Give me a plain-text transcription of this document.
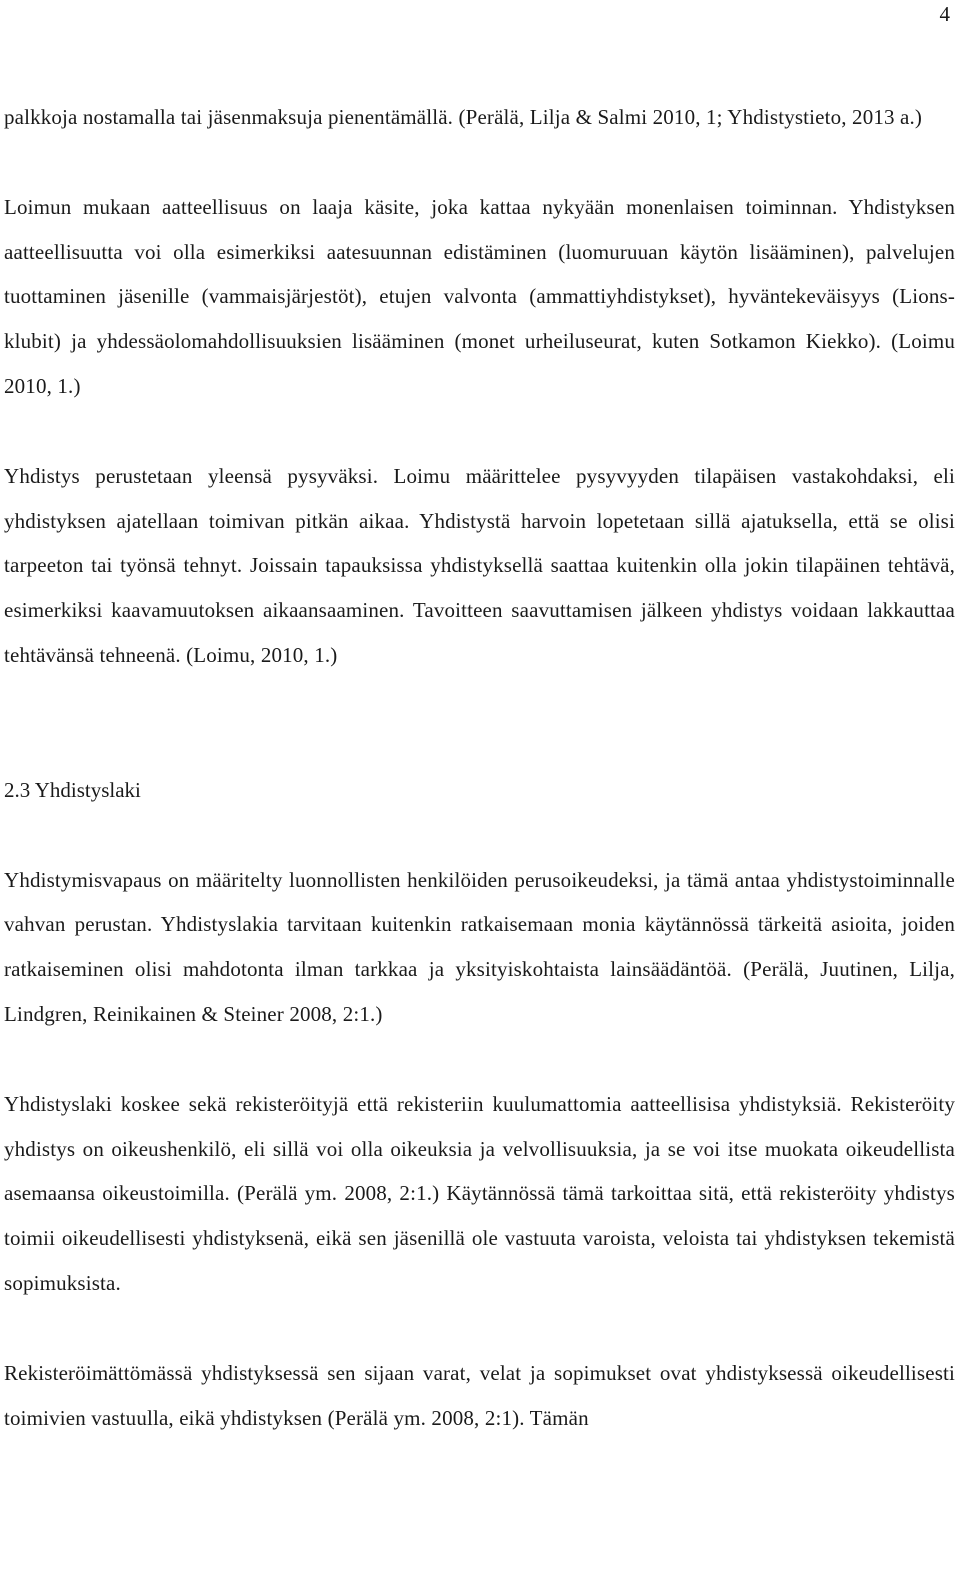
4

palkkoja nostamalla tai jäsenmaksuja pienentämällä. (Perälä, Lilja & Salmi 2010, 1; Yhdistystieto, 2013 a.)

Loimun mukaan aatteellisuus on laaja käsite, joka kattaa nykyään monenlaisen toiminnan. Yhdistyksen aatteellisuutta voi olla esimerkiksi aatesuunnan edistäminen (luomuruuan käytön lisääminen), palvelujen tuottaminen jäsenille (vammaisjärjestöt), etujen valvonta (ammattiyhdistykset), hyväntekeväisyys (Lions-klubit) ja yhdessäolomahdollisuuksien lisääminen (monet urheiluseurat, kuten Sotkamon Kiekko). (Loimu 2010, 1.)

Yhdistys perustetaan yleensä pysyväksi. Loimu määrittelee pysyvyyden tilapäisen vastakohdaksi, eli yhdistyksen ajatellaan toimivan pitkän aikaa. Yhdistystä harvoin lopetetaan sillä ajatuksella, että se olisi tarpeeton tai työnsä tehnyt. Joissain tapauksissa yhdistyksellä saattaa kuitenkin olla jokin tilapäinen tehtävä, esimerkiksi kaavamuutoksen aikaansaaminen. Tavoitteen saavuttamisen jälkeen yhdistys voidaan lakkauttaa tehtävänsä tehneenä. (Loimu, 2010, 1.)

2.3 Yhdistyslaki

Yhdistymisvapaus on määritelty luonnollisten henkilöiden perusoikeudeksi, ja tämä antaa yhdistystoiminnalle vahvan perustan. Yhdistyslakia tarvitaan kuitenkin ratkaisemaan monia käytännössä tärkeitä asioita, joiden ratkaiseminen olisi mahdotonta ilman tarkkaa ja yksityiskohtaista lainsäädäntöä. (Perälä, Juutinen, Lilja, Lindgren, Reinikainen & Steiner 2008, 2:1.)

Yhdistyslaki koskee sekä rekisteröityjä että rekisteriin kuulumattomia aatteellisisa yhdistyksiä. Rekisteröity yhdistys on oikeushenkilö, eli sillä voi olla oikeuksia ja velvollisuuksia, ja se voi itse muokata oikeudellista asemaansa oikeustoimilla. (Perälä ym. 2008, 2:1.) Käytännössä tämä tarkoittaa sitä, että rekisteröity yhdistys toimii oikeudellisesti yhdistyksenä, eikä sen jäsenillä ole vastuuta varoista, veloista tai yhdistyksen tekemistä sopimuksista.

Rekisteröimättömässä yhdistyksessä sen sijaan varat, velat ja sopimukset ovat yhdistyksessä oikeudellisesti toimivien vastuulla, eikä yhdistyksen (Perälä ym. 2008, 2:1). Tämän
